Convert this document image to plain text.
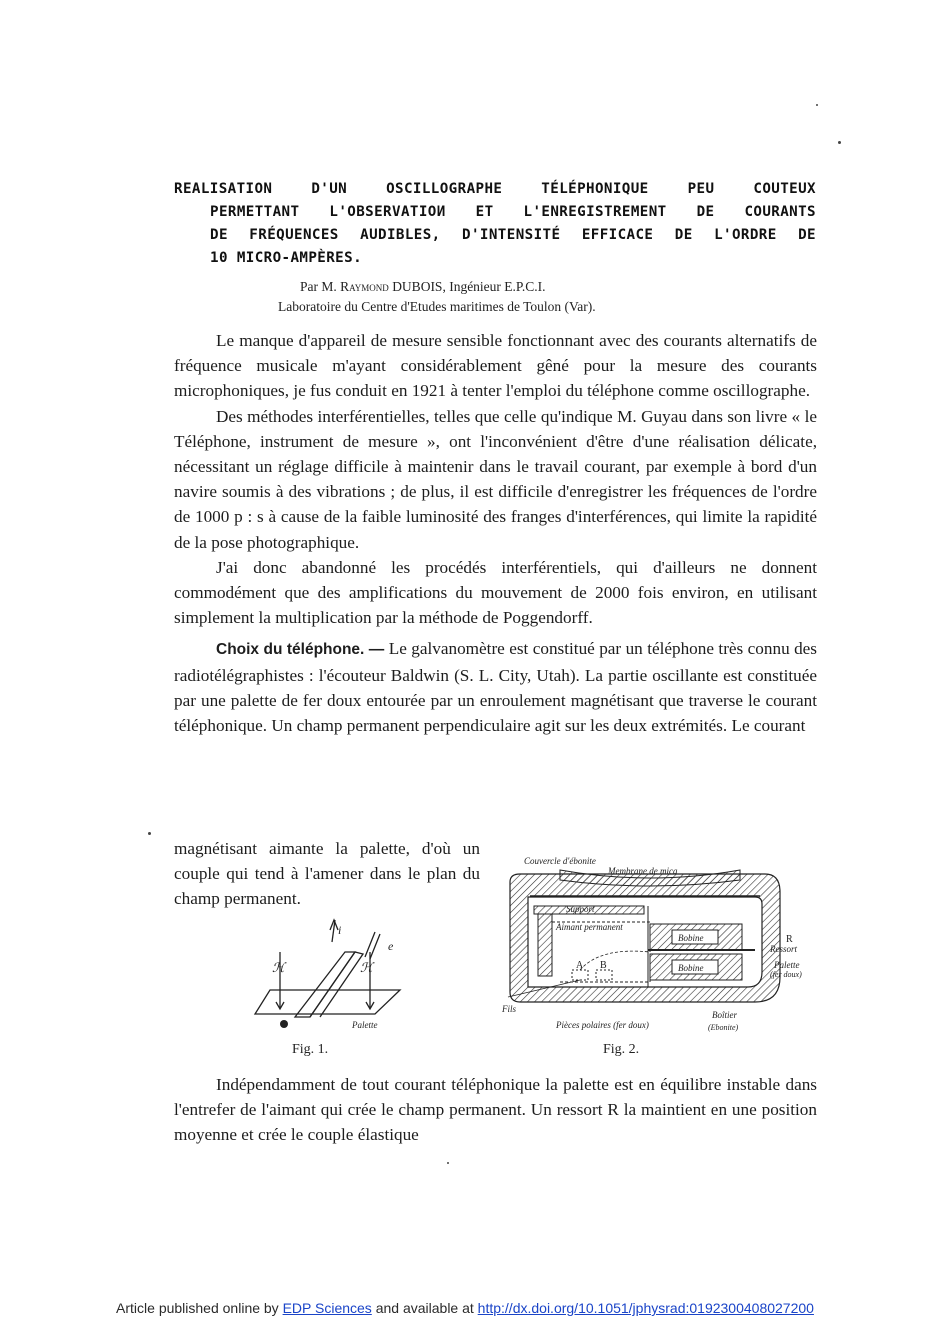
REALISATION D'UN OSCILLOGRAPHE TÉLÉPHONIQUE PEU COUTEUX
PERMETTANT L'OBSERVATIOИ ET L'ENREGISTREMENT DE COURANTS
DE FRÉQUENCES AUDIBLES, D'INTENSITÉ EFFICACE DE L'ORDRE DE
10 MICRO-AMPÈRES.
Par M. Raymond DUBOIS, Ingénieur E.P.C.I.
Laboratoire du Centre d'Etudes maritimes de Toulon (Var).

Le manque d'appareil de mesure sensible fonctionnant avec des courants alternatifs de fréquence musicale m'ayant considérablement gêné pour la mesure des courants microphoniques, je fus conduit en 1921 à tenter l'emploi du téléphone comme oscillographe.

Des méthodes interférentielles, telles que celle qu'indique M. Guyau dans son livre « le Téléphone, instrument de mesure », ont l'inconvénient d'être d'une réalisation délicate, nécessitant un réglage difficile à maintenir dans le travail courant, par exemple à bord d'un navire soumis à des vibrations ; de plus, il est difficile d'enregistrer les fréquences de l'ordre de 1000 p : s à cause de la faible luminosité des franges d'interférences, qui limite la rapidité de la pose photographique.

J'ai donc abandonné les procédés interférentiels, qui d'ailleurs ne donnent commodément que des amplifications du mouvement de 2000 fois environ, en utilisant simplement la multiplication par la méthode de Poggendorff.

Choix du téléphone. — Le galvanomètre est constitué par un téléphone très connu des radiotélégraphistes : l'écouteur Baldwin (S. L. City, Utah). La partie oscillante est constituée par une palette de fer doux entourée par un enroulement magnétisant que traverse le courant téléphonique. Un champ permanent perpendiculaire agit sur les deux extrémités. Le courant

magnétisant aimante la palette, d'où un couple qui tend à l'amener dans le plan du champ permanent.

ℋ	ℋ
i
e
Palette
Fig. 1.
Couvercle d'ébonite
Membrane de mica
Support
Aimant permanent
Bobine
Bobine
R
Ressort
Palette
(fer doux)
A B
Fils
Pièces polaires (fer doux)
Boîtier
(Ebonite)
Fig. 2.

Indépendamment de tout courant téléphonique la palette est en équilibre instable dans l'entrefer de l'aimant qui crée le champ permanent. Un ressort R la maintient en une position moyenne et crée le couple élastique

Article published online by EDP Sciences and available at http://dx.doi.org/10.1051/jphysrad:0192300408027200
